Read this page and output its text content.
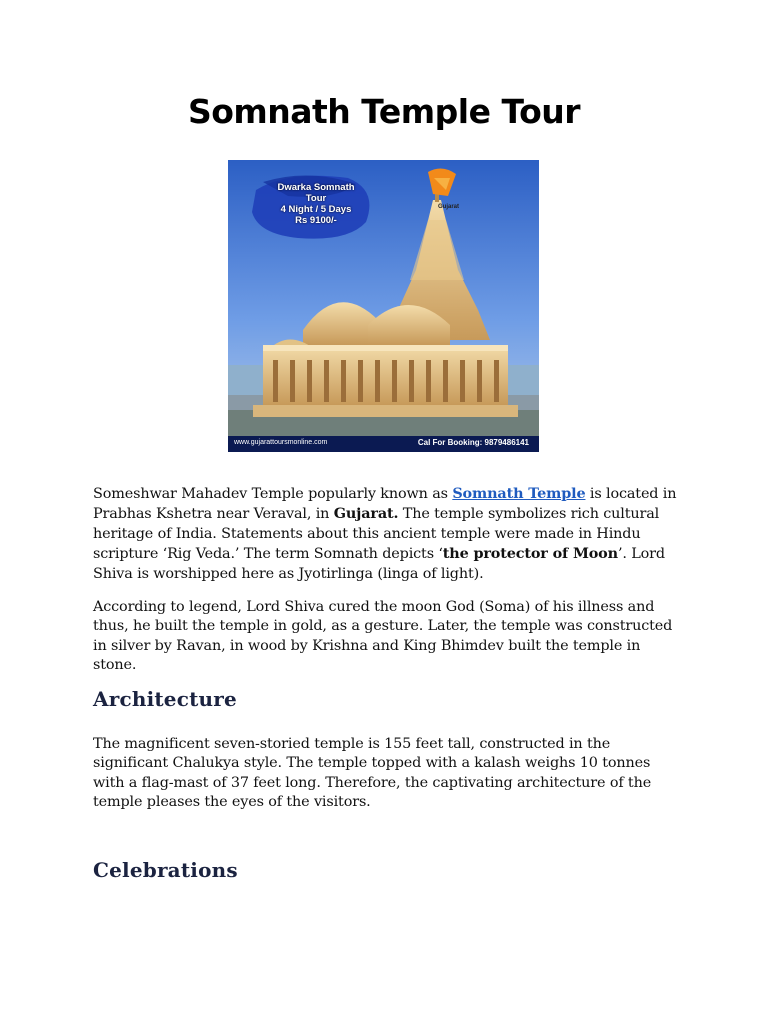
Somnath Temple Tour
Dwarka Somnath
Tour
4 Night / 5 Days
Rs 9100/-
Gujarat
www.gujarattoursmonline.com	Cal For Booking: 9879486141

Someshwar Mahadev Temple popularly known as Somnath Temple is located in Prabhas Kshetra near Veraval, in Gujarat. The temple symbolizes rich cultural heritage of India. Statements about this ancient temple were made in Hindu scripture ‘Rig Veda.’ The term Somnath depicts ‘the protector of Moon’. Lord Shiva is worshipped here as Jyotirlinga (linga of light).

According to legend, Lord Shiva cured the moon God (Soma) of his illness and thus, he built the temple in gold, as a gesture. Later, the temple was constructed in silver by Ravan, in wood by Krishna and King Bhimdev built the temple in stone.

Architecture

The magnificent seven-storied temple is 155 feet tall, constructed in the significant Chalukya style. The temple topped with a kalash weighs 10 tonnes with a flag-mast of 37 feet long. Therefore, the captivating architecture of the temple pleases the eyes of the visitors.

Celebrations
